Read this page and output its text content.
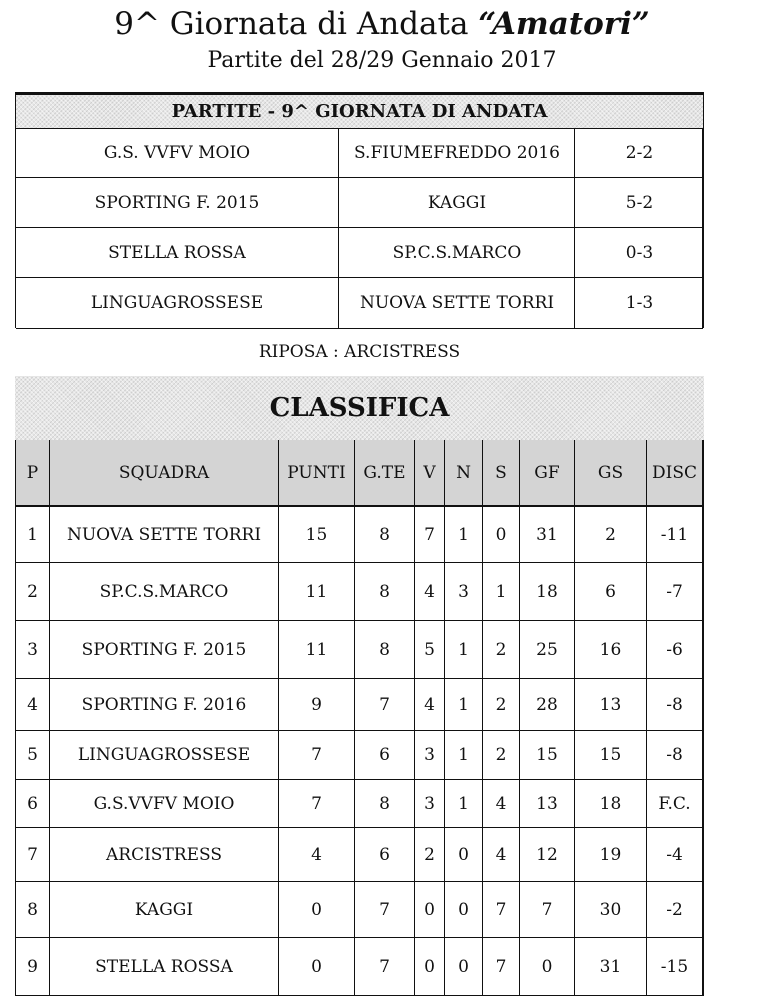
9^ Giornata di Andata “Amatori”
Partite del 28/29 Gennaio 2017
PARTITE - 9^ GIORNATA DI ANDATA
G.S. VVFV MOIO	S.FIUMEFREDDO 2016	2-2
SPORTING F. 2015	KAGGI	5-2
STELLA ROSSA	SP.C.S.MARCO	0-3
LINGUAGROSSESE	NUOVA SETTE TORRI	1-3
RIPOSA : ARCISTRESS
CLASSIFICA
P	SQUADRA	PUNTI	G.TE	V	N	S	GF	GS	DISC
1	NUOVA SETTE TORRI	15	8	7	1	0	31	2	-11
2	SP.C.S.MARCO	11	8	4	3	1	18	6	-7
3	SPORTING F. 2015	11	8	5	1	2	25	16	-6
4	SPORTING F. 2016	9	7	4	1	2	28	13	-8
5	LINGUAGROSSESE	7	6	3	1	2	15	15	-8
6	G.S.VVFV MOIO	7	8	3	1	4	13	18	F.C.
7	ARCISTRESS	4	6	2	0	4	12	19	-4
8	KAGGI	0	7	0	0	7	7	30	-2
9	STELLA ROSSA	0	7	0	0	7	0	31	-15
